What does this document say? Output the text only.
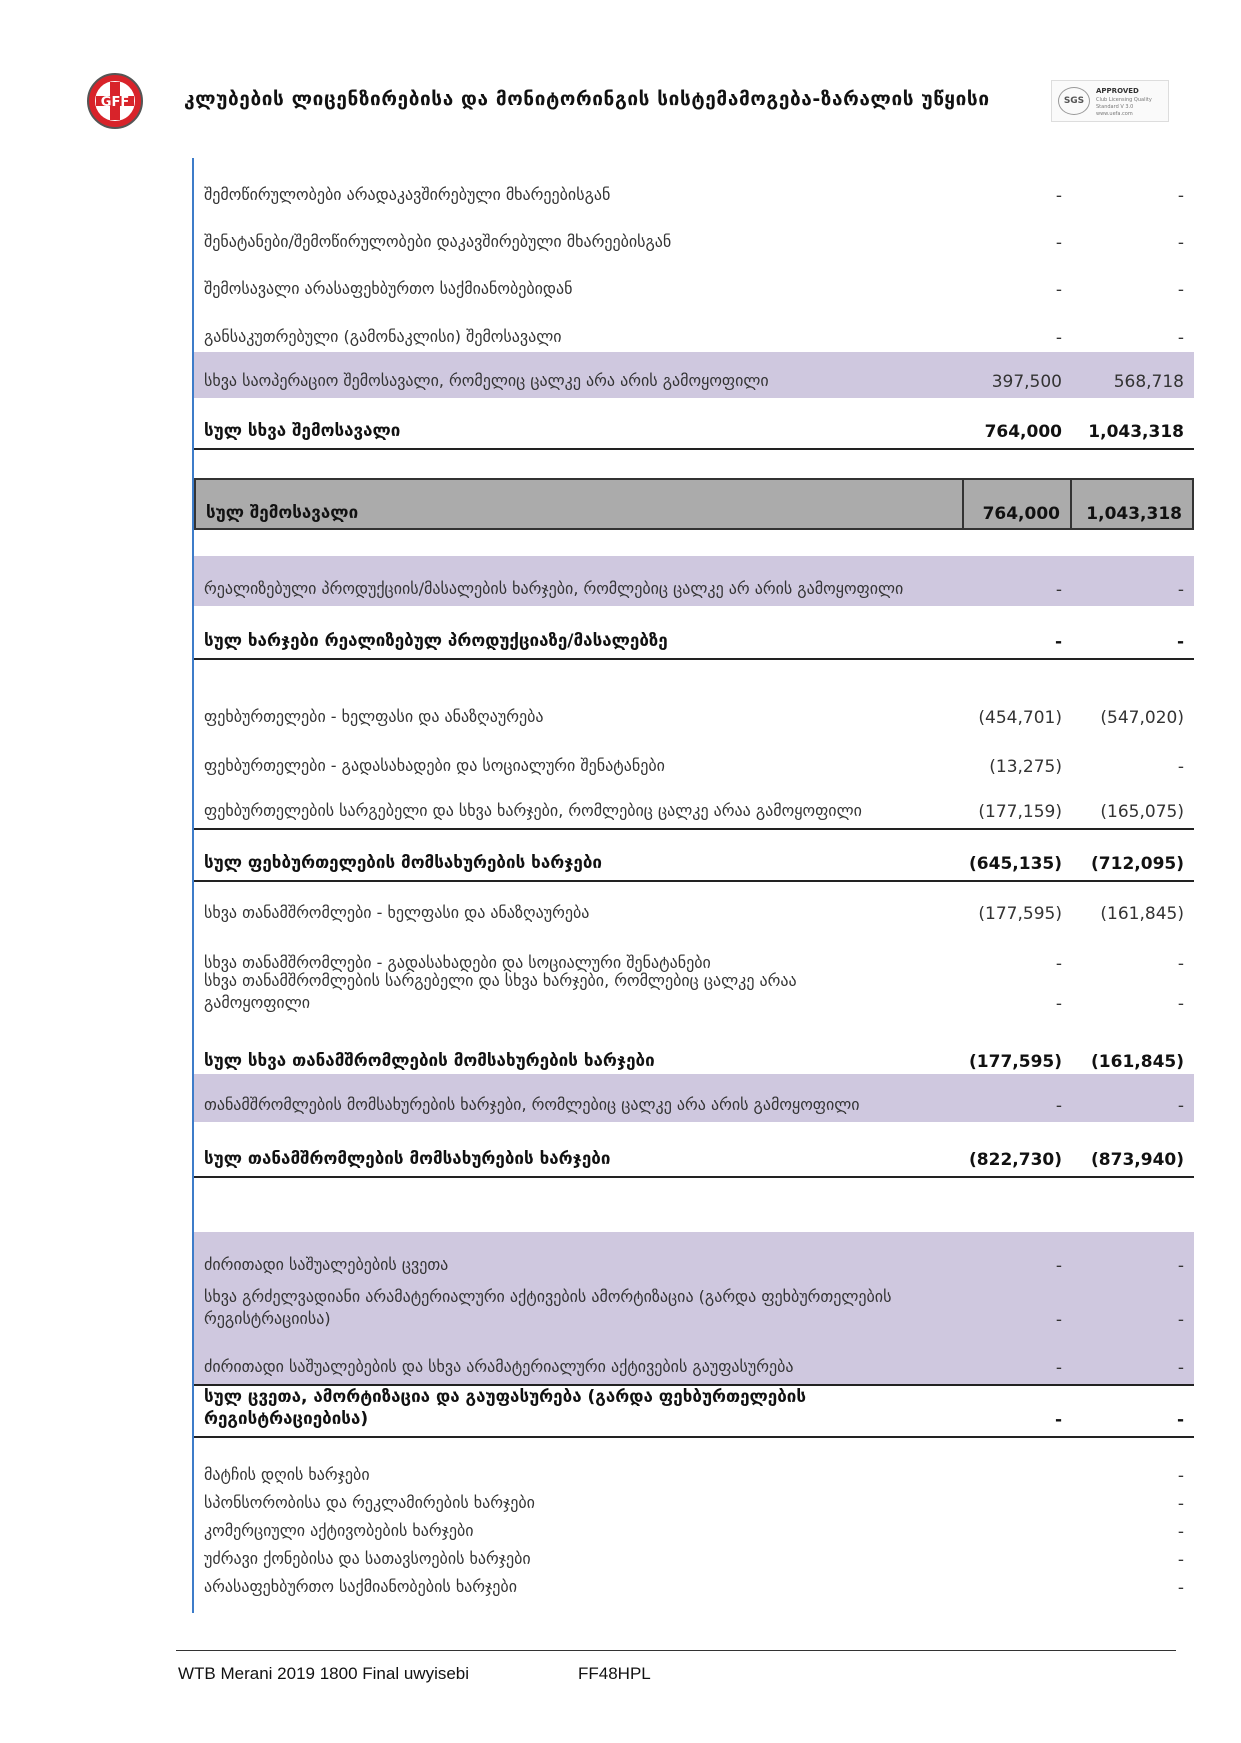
GFF	კლუბების ლიცენზირებისა და მონიტორინგის სისტემამოგება-ზარალის უწყისი	SGS
APPROVED
Club Licensing Quality
Standard V 3.0
www.uefa.com
შემოწირულობები არადაკავშირებული მხარეებისგან	-	-
შენატანები/შემოწირულობები დაკავშირებული მხარეებისგან	-	-
შემოსავალი არასაფეხბურთო საქმიანობებიდან	-	-
განსაკუთრებული (გამონაკლისი) შემოსავალი	-	-
სხვა საოპერაციო შემოსავალი, რომელიც ცალკე არა არის გამოყოფილი	397,500	568,718
სულ სხვა შემოსავალი	764,000 1,043,318
სულ შემოსავალი	764,000 1,043,318
რეალიზებული პროდუქციის/მასალების ხარჯები, რომლებიც ცალკე არ არის გამოყოფილი	-	-
სულ ხარჯები რეალიზებულ პროდუქციაზე/მასალებზე	-	-
ფეხბურთელები - ხელფასი და ანაზღაურება	(454,701) (547,020)
ფეხბურთელები - გადასახადები და სოციალური შენატანები	(13,275)	-
ფეხბურთელების სარგებელი და სხვა ხარჯები, რომლებიც ცალკე არაა გამოყოფილი	(177,159) (165,075)
სულ ფეხბურთელების მომსახურების ხარჯები	(645,135) (712,095)
სხვა თანამშრომლები - ხელფასი და ანაზღაურება	(177,595) (161,845)
სხვა თანამშრომლები - გადასახადები და სოციალური შენატანები	-	-
სხვა თანამშრომლების სარგებელი და სხვა ხარჯები, რომლებიც ცალკე არაა გამოყოფილი	-	-
სულ სხვა თანამშრომლების მომსახურების ხარჯები	(177,595) (161,845)
თანამშრომლების მომსახურების ხარჯები, რომლებიც ცალკე არა არის გამოყოფილი	-	-
სულ თანამშრომლების მომსახურების ხარჯები	(822,730) (873,940)
ძირითადი საშუალებების ცვეთა	-	-
სხვა გრძელვადიანი არამატერიალური აქტივების ამორტიზაცია (გარდა ფეხბურთელების რეგისტრაციისა)	-	-
ძირითადი საშუალებების და სხვა არამატერიალური აქტივების გაუფასურება	-	-
სულ ცვეთა, ამორტიზაცია და გაუფასურება (გარდა ფეხბურთელების რეგისტრაციებისა)	-	-
მატჩის დღის ხარჯები	-
სპონსორობისა და რეკლამირების ხარჯები	-
კომერციული აქტივობების ხარჯები	-
უძრავი ქონებისა და სათავსოების ხარჯები	-
არასაფეხბურთო საქმიანობების ხარჯები	-
WTB Merani 2019 1800 Final uwyisebi	FF48HPL
